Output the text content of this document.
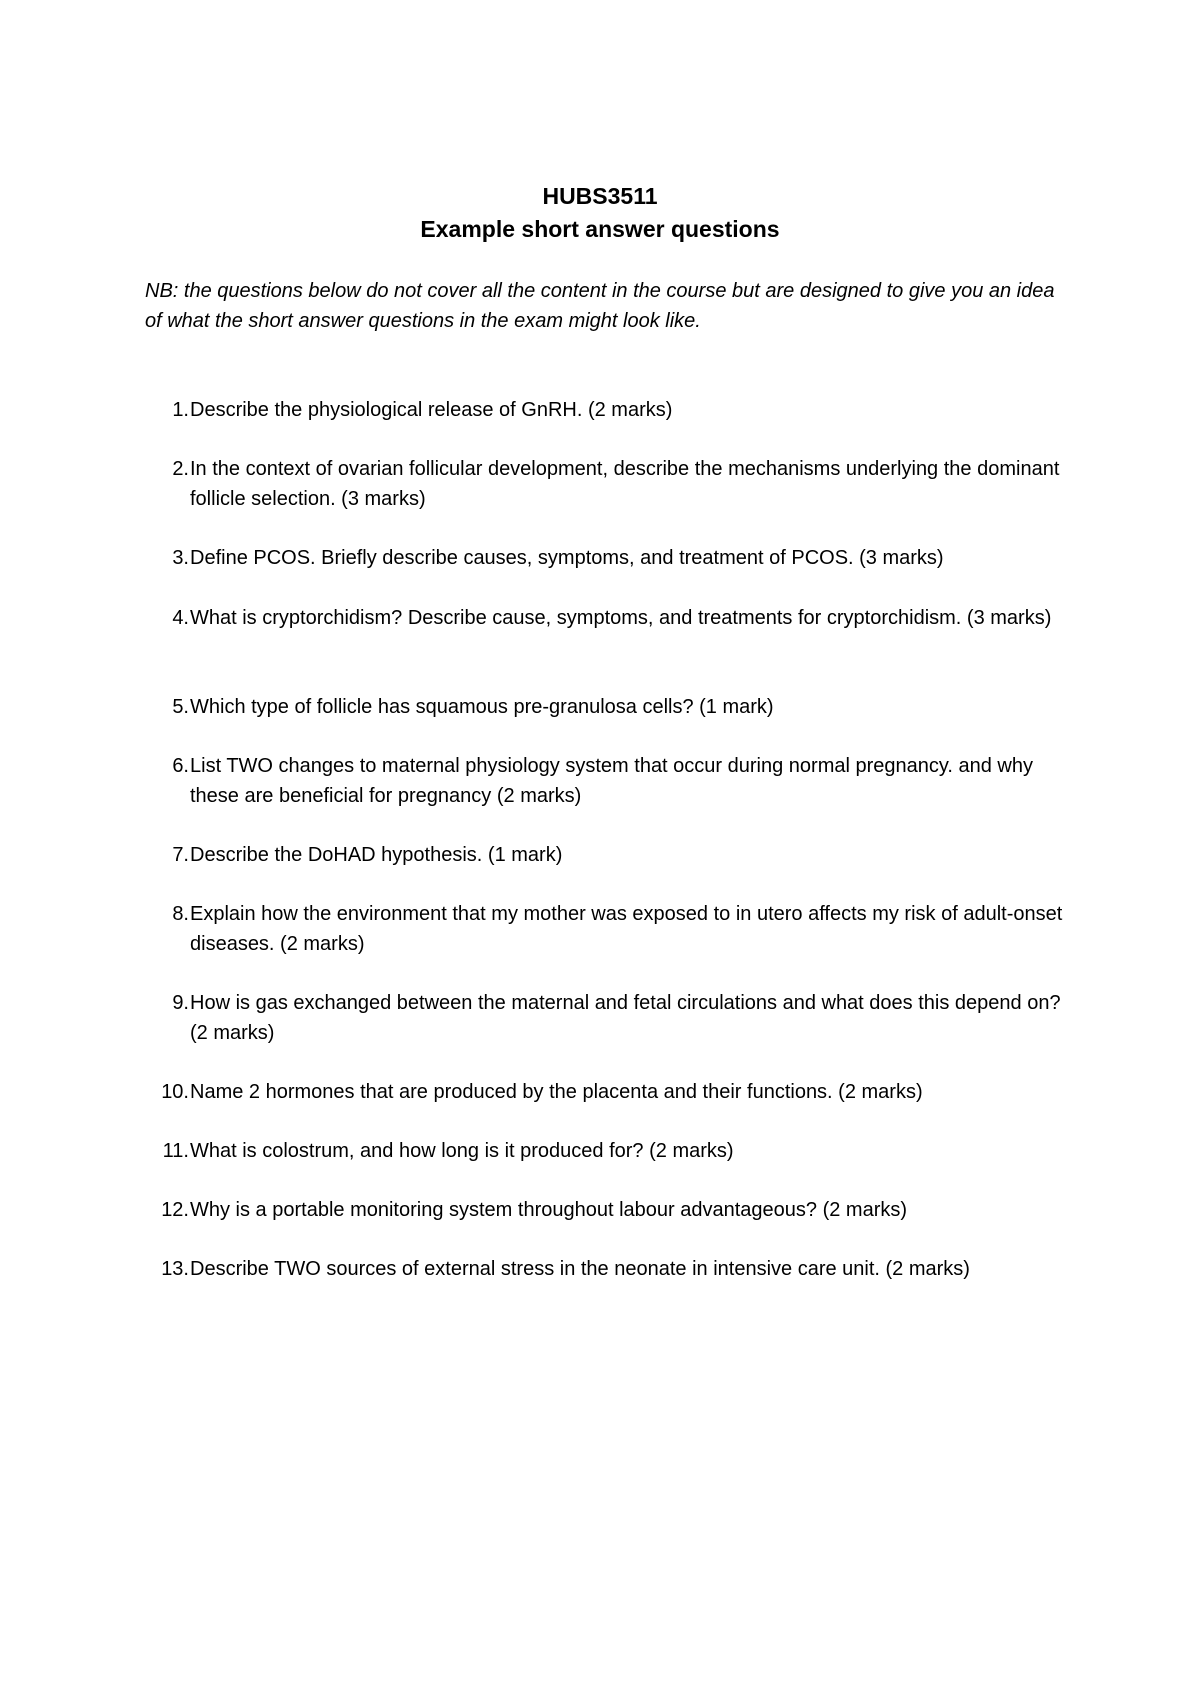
HUBS3511
Example short answer questions
NB: the questions below do not cover all the content in the course but are designed to give you an idea of what the short answer questions in the exam might look like.
1. Describe the physiological release of GnRH. (2 marks)
2. In the context of ovarian follicular development, describe the mechanisms underlying the dominant follicle selection. (3 marks)
3. Define PCOS. Briefly describe causes, symptoms, and treatment of PCOS. (3 marks)
4. What is cryptorchidism? Describe cause, symptoms, and treatments for cryptorchidism. (3 marks)
5. Which type of follicle has squamous pre-granulosa cells? (1 mark)
6. List TWO changes to maternal physiology system that occur during normal pregnancy. and why these are beneficial for pregnancy (2 marks)
7. Describe the DoHAD hypothesis. (1 mark)
8. Explain how the environment that my mother was exposed to in utero affects my risk of adult-onset diseases. (2 marks)
9. How is gas exchanged between the maternal and fetal circulations and what does this depend on? (2 marks)
10. Name 2 hormones that are produced by the placenta and their functions. (2 marks)
11. What is colostrum, and how long is it produced for? (2 marks)
12. Why is a portable monitoring system throughout labour advantageous? (2 marks)
13. Describe TWO sources of external stress in the neonate in intensive care unit. (2 marks)
